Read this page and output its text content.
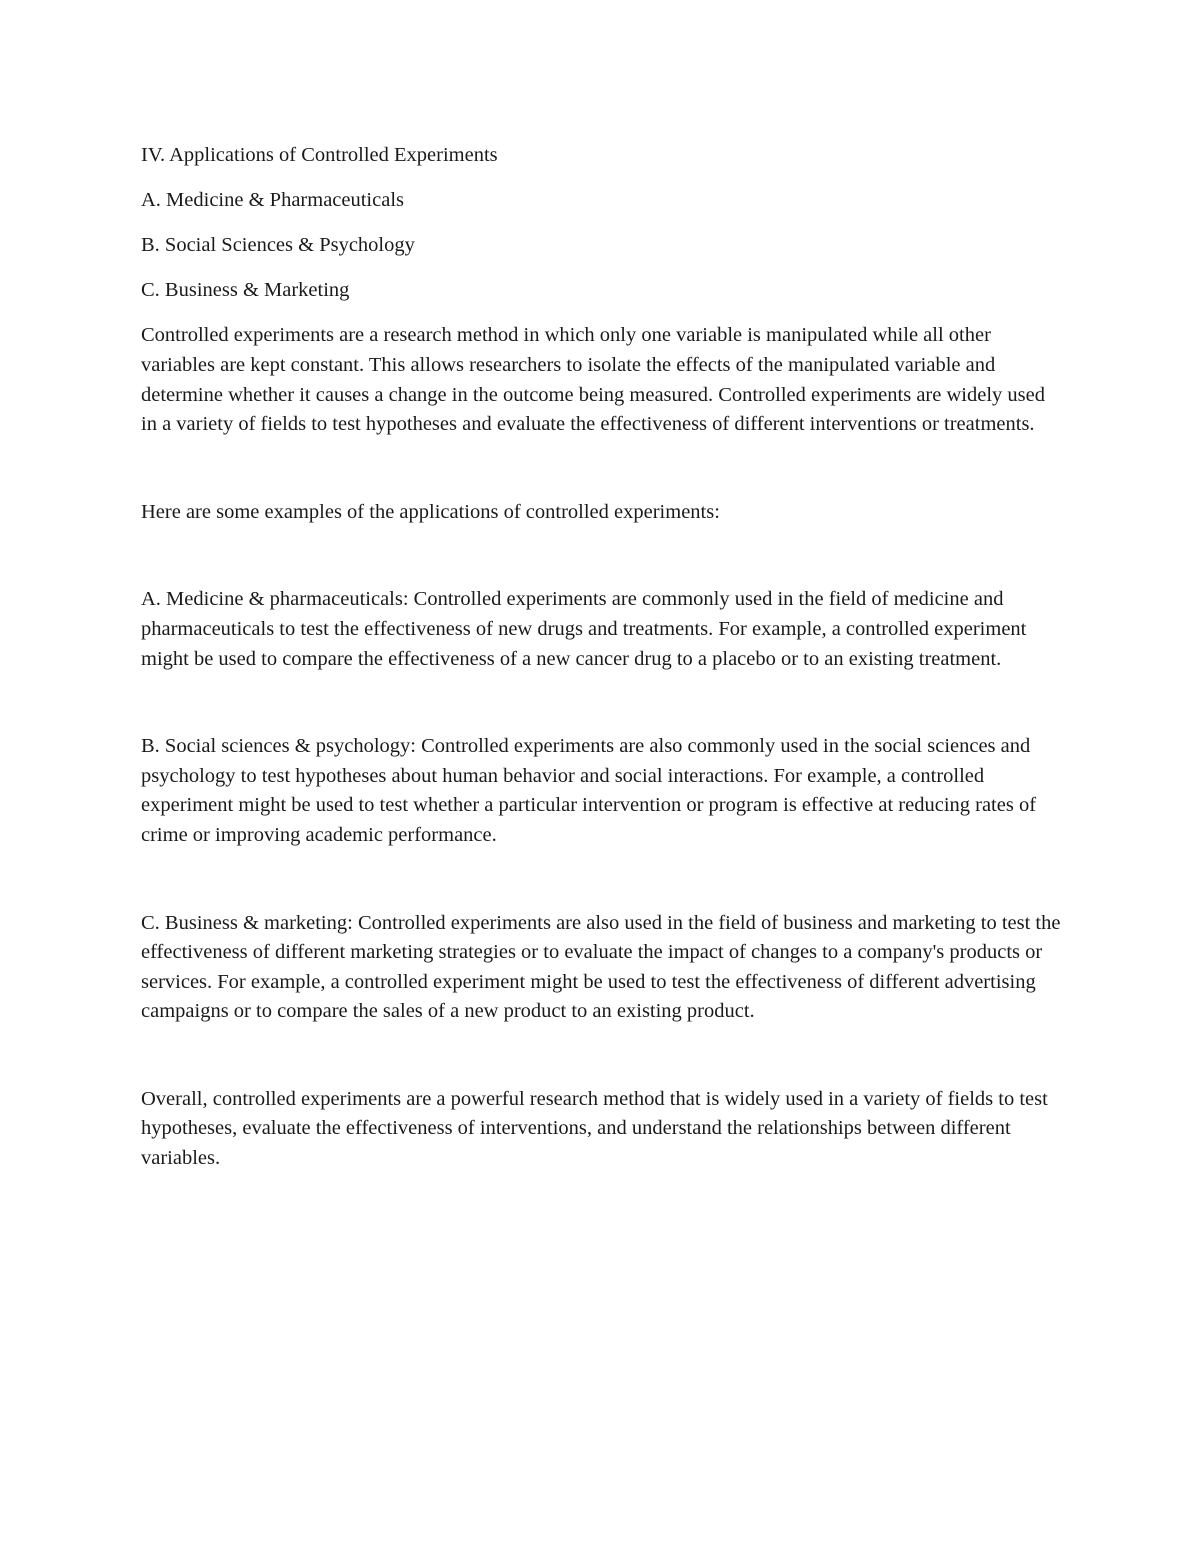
IV. Applications of Controlled Experiments

A. Medicine & Pharmaceuticals

B. Social Sciences & Psychology

C. Business & Marketing

Controlled experiments are a research method in which only one variable is manipulated while all other variables are kept constant. This allows researchers to isolate the effects of the manipulated variable and determine whether it causes a change in the outcome being measured. Controlled experiments are widely used in a variety of fields to test hypotheses and evaluate the effectiveness of different interventions or treatments.

Here are some examples of the applications of controlled experiments:

A. Medicine & pharmaceuticals: Controlled experiments are commonly used in the field of medicine and pharmaceuticals to test the effectiveness of new drugs and treatments. For example, a controlled experiment might be used to compare the effectiveness of a new cancer drug to a placebo or to an existing treatment.

B. Social sciences & psychology: Controlled experiments are also commonly used in the social sciences and psychology to test hypotheses about human behavior and social interactions. For example, a controlled experiment might be used to test whether a particular intervention or program is effective at reducing rates of crime or improving academic performance.

C. Business & marketing: Controlled experiments are also used in the field of business and marketing to test the effectiveness of different marketing strategies or to evaluate the impact of changes to a company's products or services. For example, a controlled experiment might be used to test the effectiveness of different advertising campaigns or to compare the sales of a new product to an existing product.

Overall, controlled experiments are a powerful research method that is widely used in a variety of fields to test hypotheses, evaluate the effectiveness of interventions, and understand the relationships between different variables.
